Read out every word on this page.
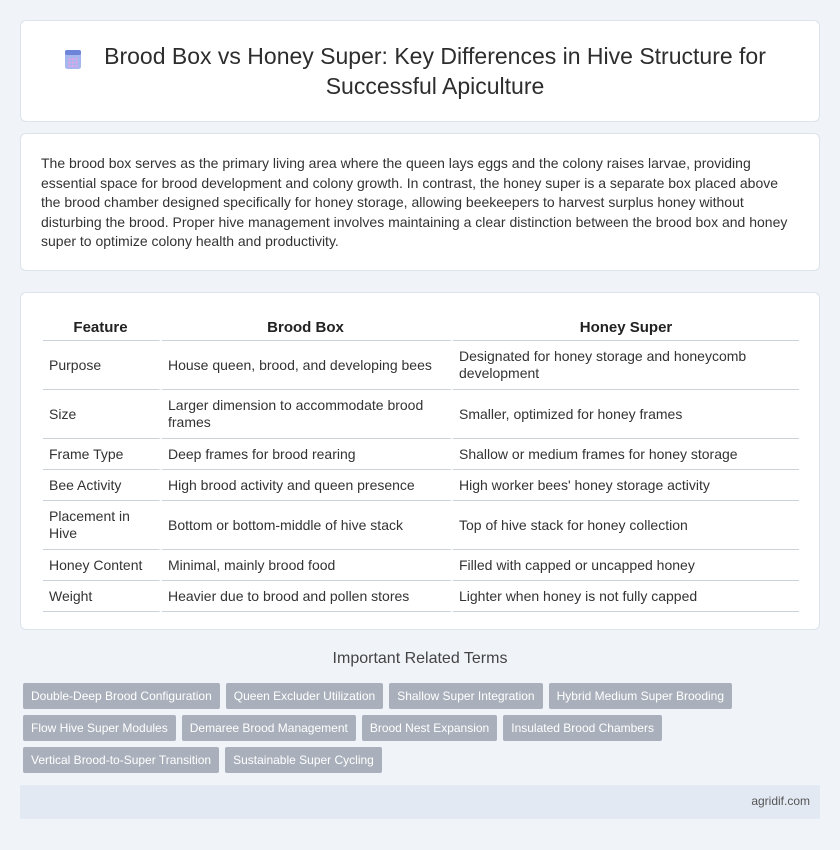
Brood Box vs Honey Super: Key Differences in Hive Structure for Successful Apiculture

The brood box serves as the primary living area where the queen lays eggs and the colony raises larvae, providing essential space for brood development and colony growth. In contrast, the honey super is a separate box placed above the brood chamber designed specifically for honey storage, allowing beekeepers to harvest surplus honey without disturbing the brood. Proper hive management involves maintaining a clear distinction between the brood box and honey super to optimize colony health and productivity.

Feature	Brood Box	Honey Super
Purpose	House queen, brood, and developing bees	Designated for honey storage and honeycomb development
Size	Larger dimension to accommodate brood frames	Smaller, optimized for honey frames
Frame Type	Deep frames for brood rearing	Shallow or medium frames for honey storage
Bee Activity	High brood activity and queen presence	High worker bees' honey storage activity
Placement in Hive	Bottom or bottom-middle of hive stack	Top of hive stack for honey collection
Honey Content	Minimal, mainly brood food	Filled with capped or uncapped honey
Weight	Heavier due to brood and pollen stores	Lighter when honey is not fully capped
Important Related Terms
Double-Deep Brood Configuration	Queen Excluder Utilization	Shallow Super Integration	Hybrid Medium Super Brooding
Flow Hive Super Modules	Demaree Brood Management	Brood Nest Expansion	Insulated Brood Chambers
Vertical Brood-to-Super Transition	Sustainable Super Cycling
agridif.com
